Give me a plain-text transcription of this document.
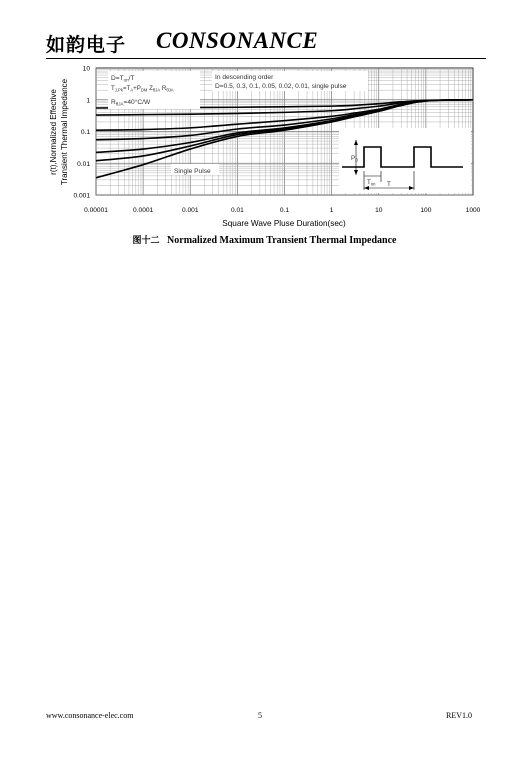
如韵电子 CONSONANCE
0.00001	0.0001	0.001	0.01	0.1	1	10	100	1000
0.001
0.01
0.1
1
10
$D=T_{on}/T$
$T_{J,Pk}=T_A+P_{DM}$ $Z_{\theta JA}$ $R_{\theta JA}$
$R_{\theta JA}=40^\circ C/W$
In descending order
D=0.5, 0.3, 0.1, 0.05, 0.02, 0.01, single pulse
Single Pulse
$P_D$
$T_{on}$ T
Square Wave Pluse Duration(sec)
r(t),Normalized Effective Transient Thermal Impedance
图十二 Normalized Maximum Transient Thermal Impedance
www.consonance-elec.com	5	REV1.0
